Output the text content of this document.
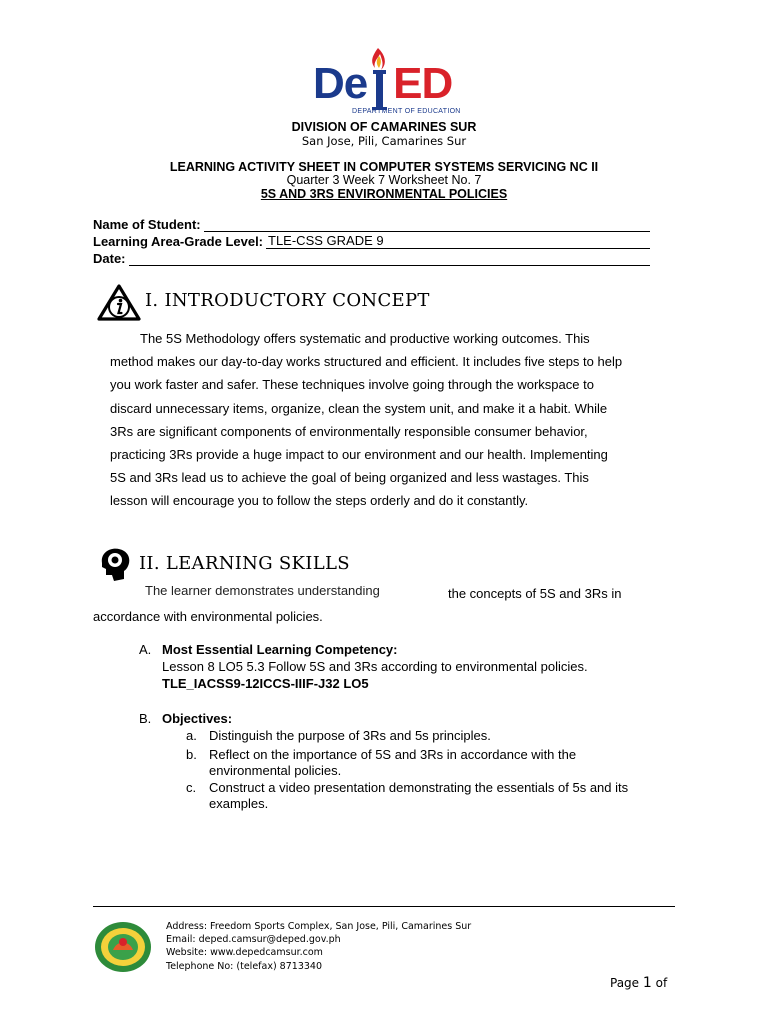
De ED
DEPARTMENT OF EDUCATION
DIVISION OF CAMARINES SUR
San Jose, Pili, Camarines Sur
LEARNING ACTIVITY SHEET IN COMPUTER SYSTEMS SERVICING NC II
Quarter 3 Week 7 Worksheet No. 7
5S AND 3RS ENVIRONMENTAL POLICIES
Name of Student:
Learning Area-Grade Level: TLE-CSS GRADE 9
Date:
I. INTRODUCTORY CONCEPT
The 5S Methodology offers systematic and productive working outcomes. This
method makes our day-to-day works structured and efficient. It includes five steps to help
you work faster and safer. These techniques involve going through the workspace to
discard unnecessary items, organize, clean the system unit, and make it a habit. While
3Rs are significant components of environmentally responsible consumer behavior,
practicing 3Rs provide a huge impact to our environment and our health. Implementing
5S and 3Rs lead us to achieve the goal of being organized and less wastages. This
lesson will encourage you to follow the steps orderly and do it constantly.
II. LEARNING SKILLS
The learner demonstrates understanding	the concepts of 5S and 3Rs in
accordance with environmental policies.
A. Most Essential Learning Competency:
Lesson 8 LO5 5.3 Follow 5S and 3Rs according to environmental policies.
TLE_IACSS9-12ICCS-IIIF-J32 LO5
B. Objectives:
a. Distinguish the purpose of 3Rs and 5s principles.
b. Reflect on the importance of 5S and 3Rs in accordance with the
environmental policies.
c. Construct a video presentation demonstrating the essentials of 5s and its
examples.
Address: Freedom Sports Complex, San Jose, Pili, Camarines Sur
Email: deped.camsur@deped.gov.ph
Website: www.depedcamsur.com
Telephone No: (telefax) 8713340
Page 1 of
